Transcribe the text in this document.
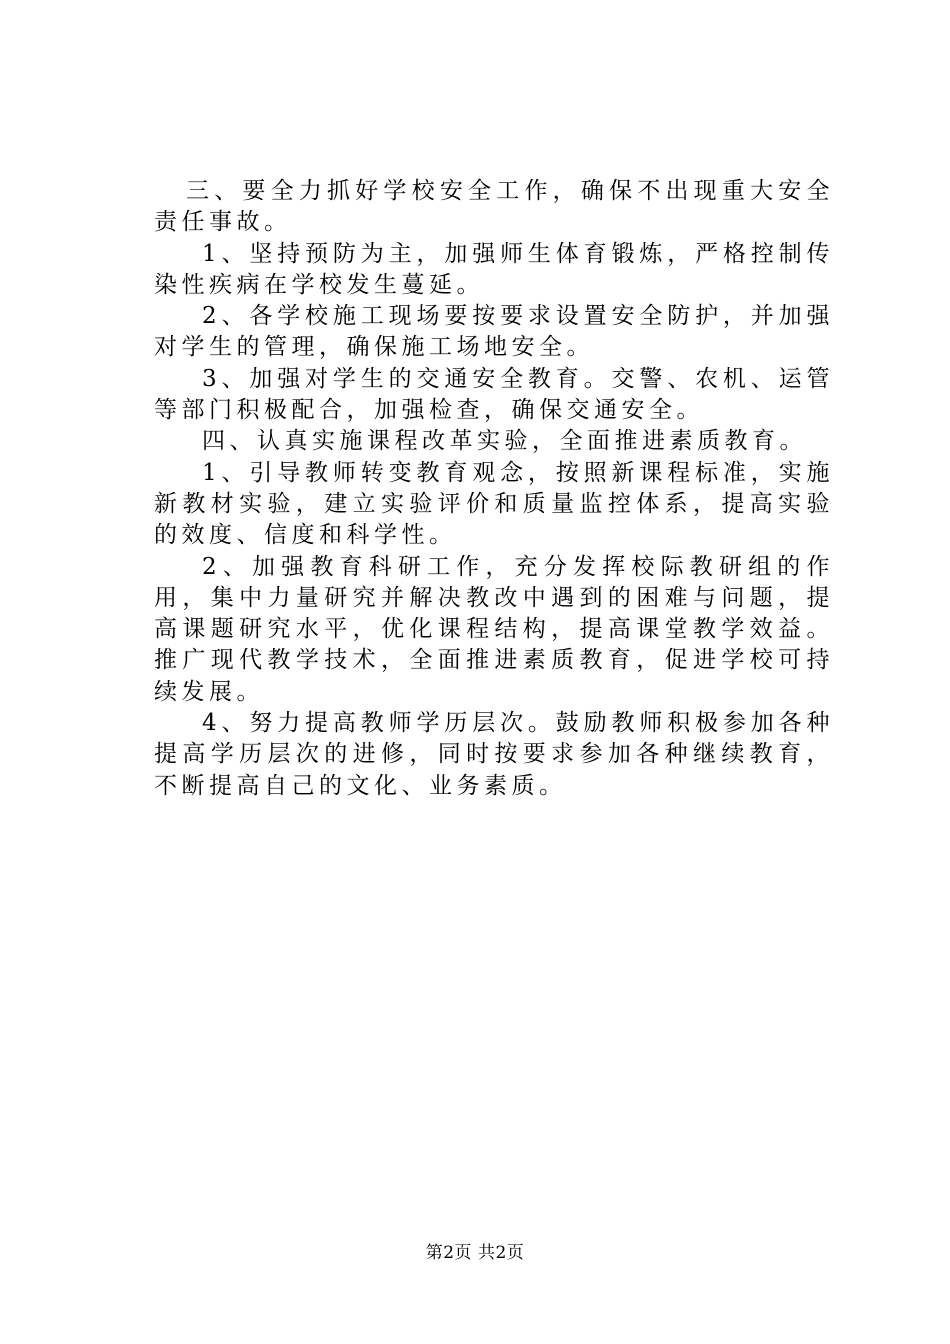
三、要全力抓好学校安全工作，确保不出现重大安全责任事故。

1、坚持预防为主，加强师生体育锻炼，严格控制传染性疾病在学校发生蔓延。

2、各学校施工现场要按要求设置安全防护，并加强对学生的管理，确保施工场地安全。

3、加强对学生的交通安全教育。交警、农机、运管等部门积极配合，加强检查，确保交通安全。

四、认真实施课程改革实验，全面推进素质教育。

1、引导教师转变教育观念，按照新课程标准，实施新教材实验，建立实验评价和质量监控体系，提高实验的效度、信度和科学性。

2、加强教育科研工作，充分发挥校际教研组的作用，集中力量研究并解决教改中遇到的困难与问题，提高课题研究水平，优化课程结构，提高课堂教学效益。推广现代教学技术，全面推进素质教育，促进学校可持续发展。

4、努力提高教师学历层次。鼓励教师积极参加各种提高学历层次的进修，同时按要求参加各种继续教育，不断提高自己的文化、业务素质。

第2页 共2页
